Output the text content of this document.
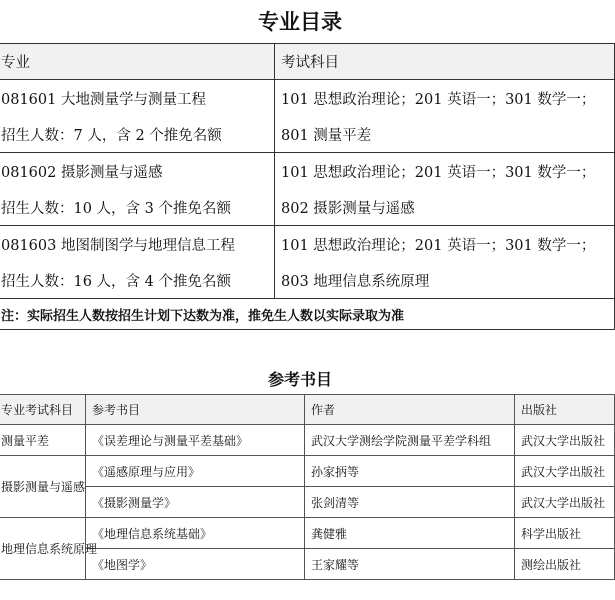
专业目录
专业	考试科目
081601 大地测量学与测量工程	101 思想政治理论；201 英语一；301 数学一；
招生人数：7 人，含 2 个推免名额	801 测量平差
081602 摄影测量与遥感	101 思想政治理论；201 英语一；301 数学一；
招生人数：10 人，含 3 个推免名额	802 摄影测量与遥感
081603 地图制图学与地理信息工程	101 思想政治理论；201 英语一；301 数学一；
招生人数：16 人，含 4 个推免名额	803 地理信息系统原理
注：实际招生人数按招生计划下达数为准，推免生人数以实际录取为准	
参考书目
专业考试科目	参考书目	作者	出版社
测量平差	《误差理论与测量平差基础》	武汉大学测绘学院测量平差学科组	武汉大学出版社
摄影测量与遥感	《遥感原理与应用》	孙家抦等	武汉大学出版社
	《摄影测量学》	张剑清等	武汉大学出版社
地理信息系统原理	《地理信息系统基础》	龚健雅	科学出版社
	《地图学》	王家耀等	测绘出版社
